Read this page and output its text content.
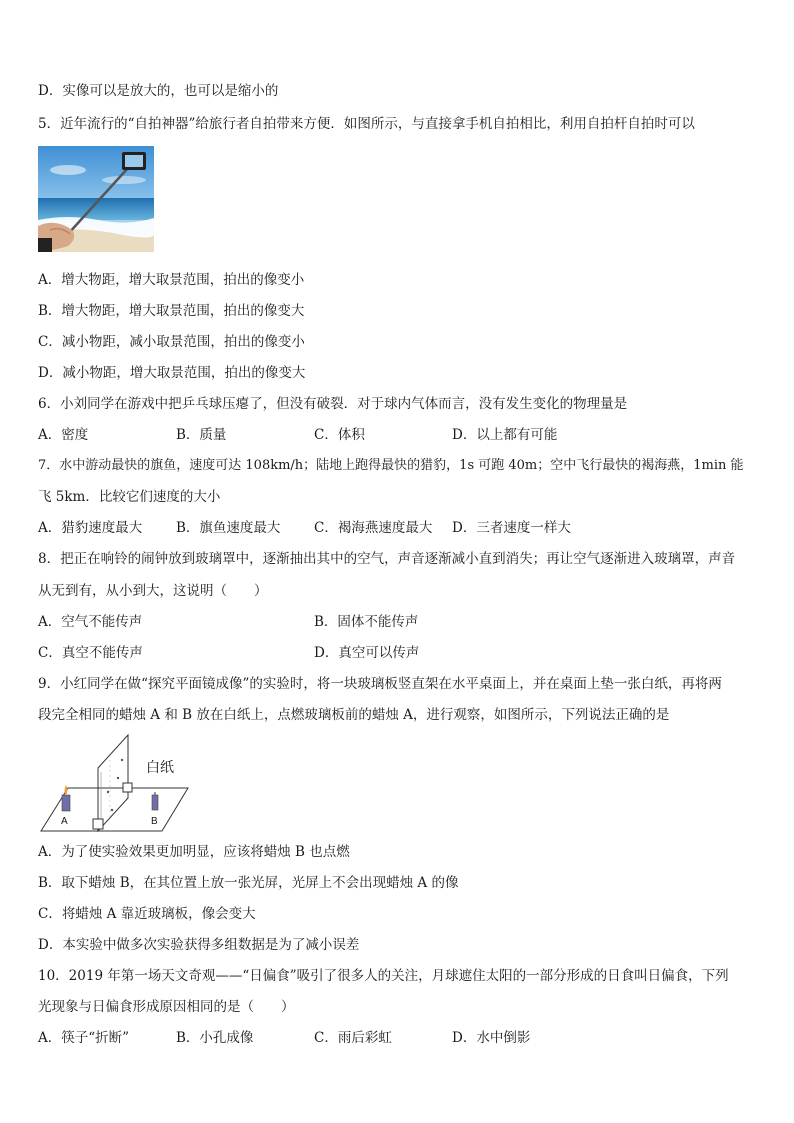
D．实像可以是放大的，也可以是缩小的
5．近年流行的“自拍神器”给旅行者自拍带来方便．如图所示，与直接拿手机自拍相比，利用自拍杆自拍时可以
A．增大物距，增大取景范围，拍出的像变小
B．增大物距，增大取景范围，拍出的像变大
C．减小物距，减小取景范围，拍出的像变小
D．减小物距，增大取景范围，拍出的像变大
6．小刘同学在游戏中把乒乓球压瘪了，但没有破裂．对于球内气体而言，没有发生变化的物理量是
A．密度	B．质量	C．体积	D．以上都有可能
7．水中游动最快的旗鱼，速度可达 108km/h；陆地上跑得最快的猎豹，1s 可跑 40m；空中飞行最快的褐海燕，1min 能
飞 5km．比较它们速度的大小
A．猎豹速度最大	B．旗鱼速度最大 C．褐海燕速度最大 D．三者速度一样大
8．把正在响铃的闹钟放到玻璃罩中，逐渐抽出其中的空气，声音逐渐减小直到消失；再让空气逐渐进入玻璃罩，声音
从无到有，从小到大，这说明（　　）
A．空气不能传声	B．固体不能传声
C．真空不能传声	D．真空可以传声
9．小红同学在做“探究平面镜成像”的实验时，将一块玻璃板竖直架在水平桌面上，并在桌面上垫一张白纸，再将两
段完全相同的蜡烛 A 和 B 放在白纸上，点燃玻璃板前的蜡烛 A，进行观察，如图所示，下列说法正确的是
白纸
A	B
A．为了使实验效果更加明显，应该将蜡烛 B 也点燃
B．取下蜡烛 B，在其位置上放一张光屏，光屏上不会出现蜡烛 A 的像
C．将蜡烛 A 靠近玻璃板，像会变大
D．本实验中做多次实验获得多组数据是为了减小误差
10．2019 年第一场天文奇观——“日偏食”吸引了很多人的关注，月球遮住太阳的一部分形成的日食叫日偏食，下列
光现象与日偏食形成原因相同的是（　　）
A．筷子“折断”	B．小孔成像	C．雨后彩虹	D．水中倒影
